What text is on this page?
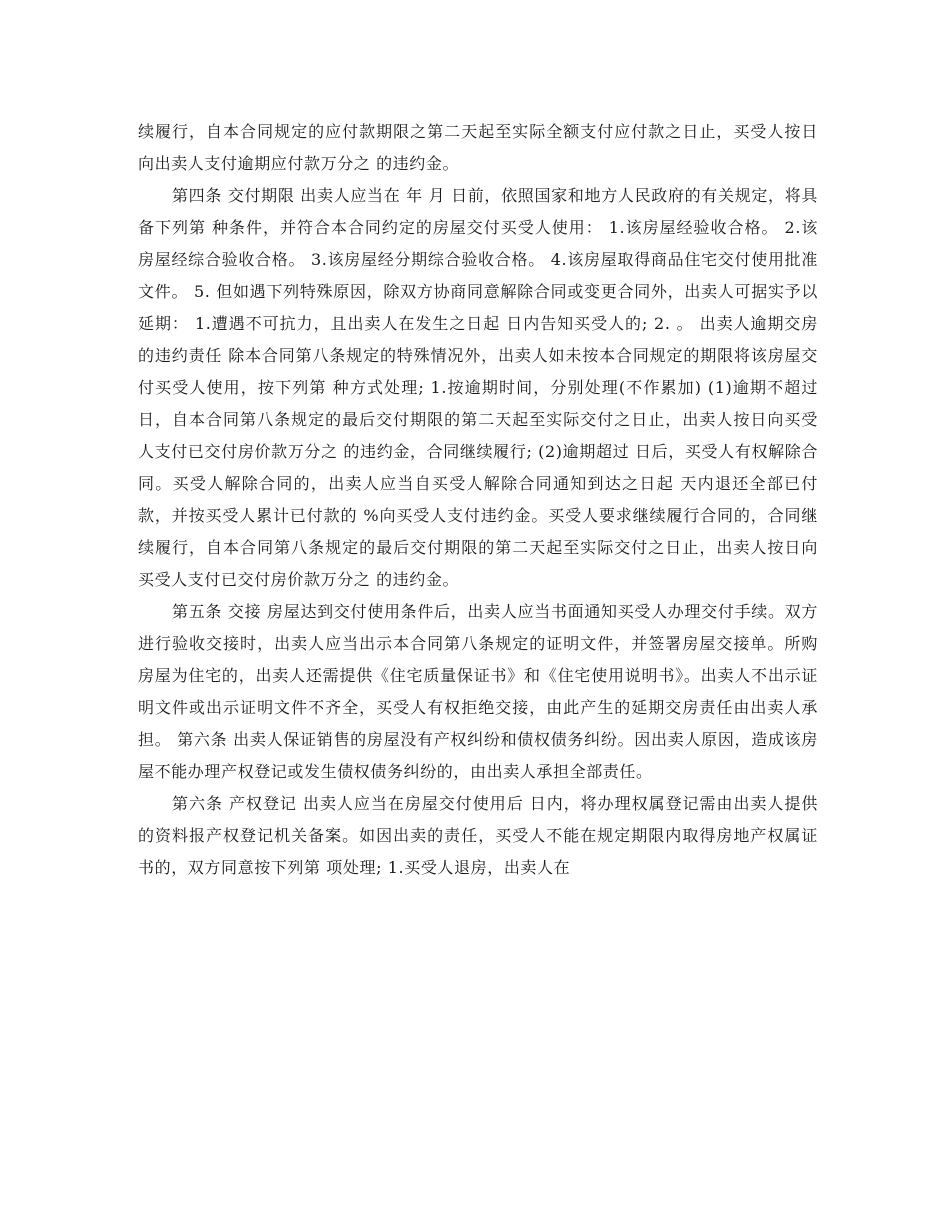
续履行，自本合同规定的应付款期限之第二天起至实际全额支付应付款之日止，买受人按日向出卖人支付逾期应付款万分之 的违约金。

第四条 交付期限 出卖人应当在 年 月 日前，依照国家和地方人民政府的有关规定，将具备下列第 种条件，并符合本合同约定的房屋交付买受人使用： 1.该房屋经验收合格。 2.该房屋经综合验收合格。 3.该房屋经分期综合验收合格。 4.该房屋取得商品住宅交付使用批准文件。 5. 但如遇下列特殊原因，除双方协商同意解除合同或变更合同外，出卖人可据实予以延期： 1.遭遇不可抗力，且出卖人在发生之日起 日内告知买受人的; 2. 。 出卖人逾期交房的违约责任 除本合同第八条规定的特殊情况外，出卖人如未按本合同规定的期限将该房屋交付买受人使用，按下列第 种方式处理; 1.按逾期时间，分别处理(不作累加) (1)逾期不超过 日，自本合同第八条规定的最后交付期限的第二天起至实际交付之日止，出卖人按日向买受人支付已交付房价款万分之 的违约金，合同继续履行; (2)逾期超过 日后，买受人有权解除合同。买受人解除合同的，出卖人应当自买受人解除合同通知到达之日起 天内退还全部已付款，并按买受人累计已付款的 %向买受人支付违约金。买受人要求继续履行合同的，合同继续履行，自本合同第八条规定的最后交付期限的第二天起至实际交付之日止，出卖人按日向买受人支付已交付房价款万分之 的违约金。

第五条 交接 房屋达到交付使用条件后，出卖人应当书面通知买受人办理交付手续。双方进行验收交接时，出卖人应当出示本合同第八条规定的证明文件，并签署房屋交接单。所购房屋为住宅的，出卖人还需提供《住宅质量保证书》和《住宅使用说明书》。出卖人不出示证明文件或出示证明文件不齐全，买受人有权拒绝交接，由此产生的延期交房责任由出卖人承担。 第六条 出卖人保证销售的房屋没有产权纠纷和债权债务纠纷。因出卖人原因，造成该房屋不能办理产权登记或发生债权债务纠纷的，由出卖人承担全部责任。

第六条 产权登记 出卖人应当在房屋交付使用后 日内，将办理权属登记需由出卖人提供的资料报产权登记机关备案。如因出卖的责任，买受人不能在规定期限内取得房地产权属证书的，双方同意按下列第 项处理; 1.买受人退房，出卖人在
